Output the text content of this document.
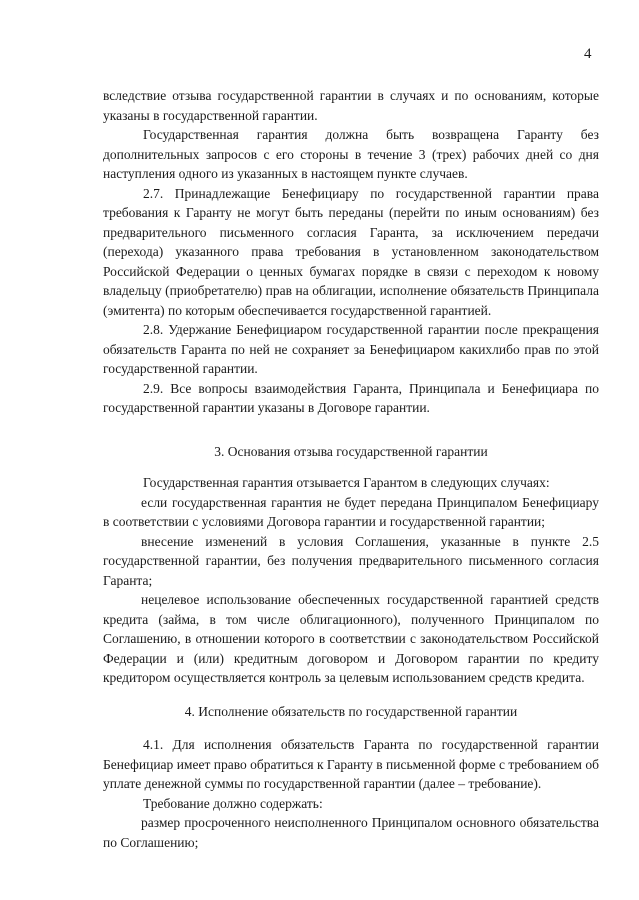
4

вследствие отзыва государственной гарантии в случаях и по основаниям, которые указаны в государственной гарантии.

Государственная гарантия должна быть возвращена Гаранту без дополнительных запросов с его стороны в течение 3 (трех) рабочих дней со дня наступления одного из указанных в настоящем пункте случаев.

2.7. Принадлежащие Бенефициару по государственной гарантии права требования к Гаранту не могут быть переданы (перейти по иным основаниям) без предварительного письменного согласия Гаранта, за исключением передачи (перехода) указанного права требования в установленном законодательством Российской Федерации о ценных бумагах порядке в связи с переходом к новому владельцу (приобретателю) прав на облигации, исполнение обязательств Принципала (эмитента) по которым обеспечивается государственной гарантией.

2.8. Удержание Бенефициаром государственной гарантии после прекращения обязательств Гаранта по ней не сохраняет за Бенефициаром какихлибо прав по этой государственной гарантии.

2.9. Все вопросы взаимодействия Гаранта, Принципала и Бенефициара по государственной гарантии указаны в Договоре гарантии.

3. Основания отзыва государственной гарантии

Государственная гарантия отзывается Гарантом в следующих случаях:

если государственная гарантия не будет передана Принципалом Бенефициару в соответствии с условиями Договора гарантии и государственной гарантии;

внесение изменений в условия Соглашения, указанные в пункте 2.5 государственной гарантии, без получения предварительного письменного согласия Гаранта;

нецелевое использование обеспеченных государственной гарантией средств кредита (займа, в том числе облигационного), полученного Принципалом по Соглашению, в отношении которого в соответствии с законодательством Российской Федерации и (или) кредитным договором и Договором гарантии по кредиту кредитором осуществляется контроль за целевым использованием средств кредита.

4. Исполнение обязательств по государственной гарантии

4.1. Для исполнения обязательств Гаранта по государственной гарантии Бенефициар имеет право обратиться к Гаранту в письменной форме с требованием об уплате денежной суммы по государственной гарантии (далее – требование).

Требование должно содержать:

размер просроченного неисполненного Принципалом основного обязательства по Соглашению;
